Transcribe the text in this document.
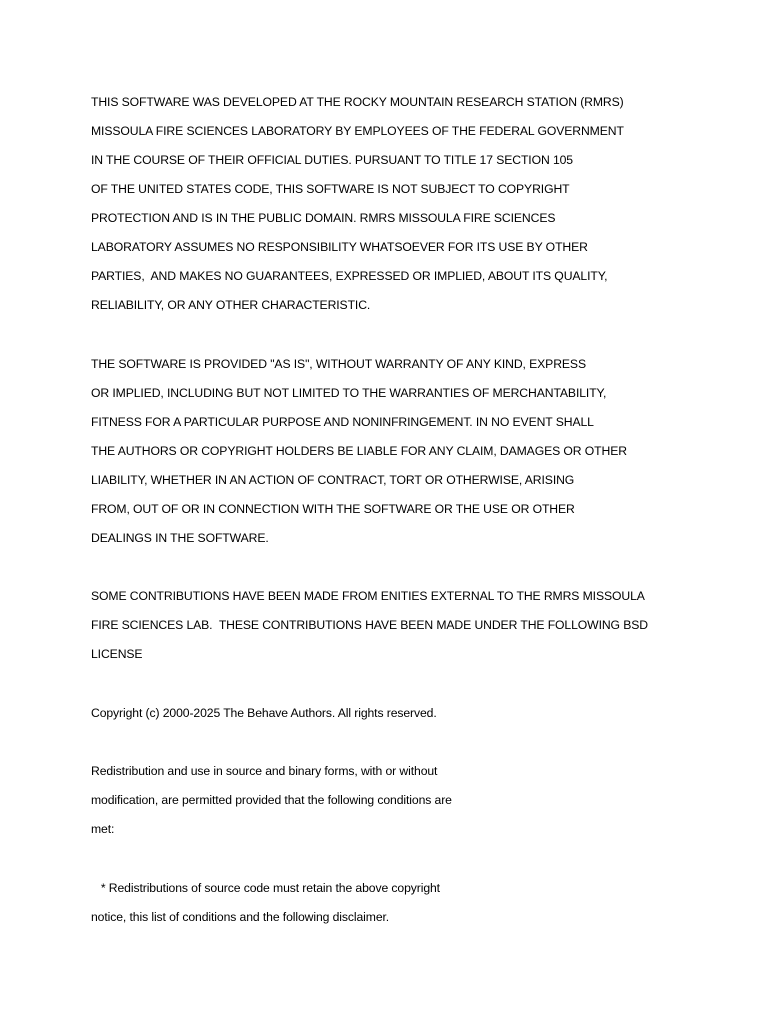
THIS SOFTWARE WAS DEVELOPED AT THE ROCKY MOUNTAIN RESEARCH STATION (RMRS)
MISSOULA FIRE SCIENCES LABORATORY BY EMPLOYEES OF THE FEDERAL GOVERNMENT
IN THE COURSE OF THEIR OFFICIAL DUTIES. PURSUANT TO TITLE 17 SECTION 105
OF THE UNITED STATES CODE, THIS SOFTWARE IS NOT SUBJECT TO COPYRIGHT
PROTECTION AND IS IN THE PUBLIC DOMAIN. RMRS MISSOULA FIRE SCIENCES
LABORATORY ASSUMES NO RESPONSIBILITY WHATSOEVER FOR ITS USE BY OTHER
PARTIES,  AND MAKES NO GUARANTEES, EXPRESSED OR IMPLIED, ABOUT ITS QUALITY,
RELIABILITY, OR ANY OTHER CHARACTERISTIC.
THE SOFTWARE IS PROVIDED "AS IS", WITHOUT WARRANTY OF ANY KIND, EXPRESS
OR IMPLIED, INCLUDING BUT NOT LIMITED TO THE WARRANTIES OF MERCHANTABILITY,
FITNESS FOR A PARTICULAR PURPOSE AND NONINFRINGEMENT. IN NO EVENT SHALL
THE AUTHORS OR COPYRIGHT HOLDERS BE LIABLE FOR ANY CLAIM, DAMAGES OR OTHER
LIABILITY, WHETHER IN AN ACTION OF CONTRACT, TORT OR OTHERWISE, ARISING
FROM, OUT OF OR IN CONNECTION WITH THE SOFTWARE OR THE USE OR OTHER
DEALINGS IN THE SOFTWARE.
SOME CONTRIBUTIONS HAVE BEEN MADE FROM ENITIES EXTERNAL TO THE RMRS MISSOULA
FIRE SCIENCES LAB.  THESE CONTRIBUTIONS HAVE BEEN MADE UNDER THE FOLLOWING BSD
LICENSE
Copyright (c) 2000-2025 The Behave Authors. All rights reserved.
Redistribution and use in source and binary forms, with or without
modification, are permitted provided that the following conditions are
met:
* Redistributions of source code must retain the above copyright
notice, this list of conditions and the following disclaimer.
